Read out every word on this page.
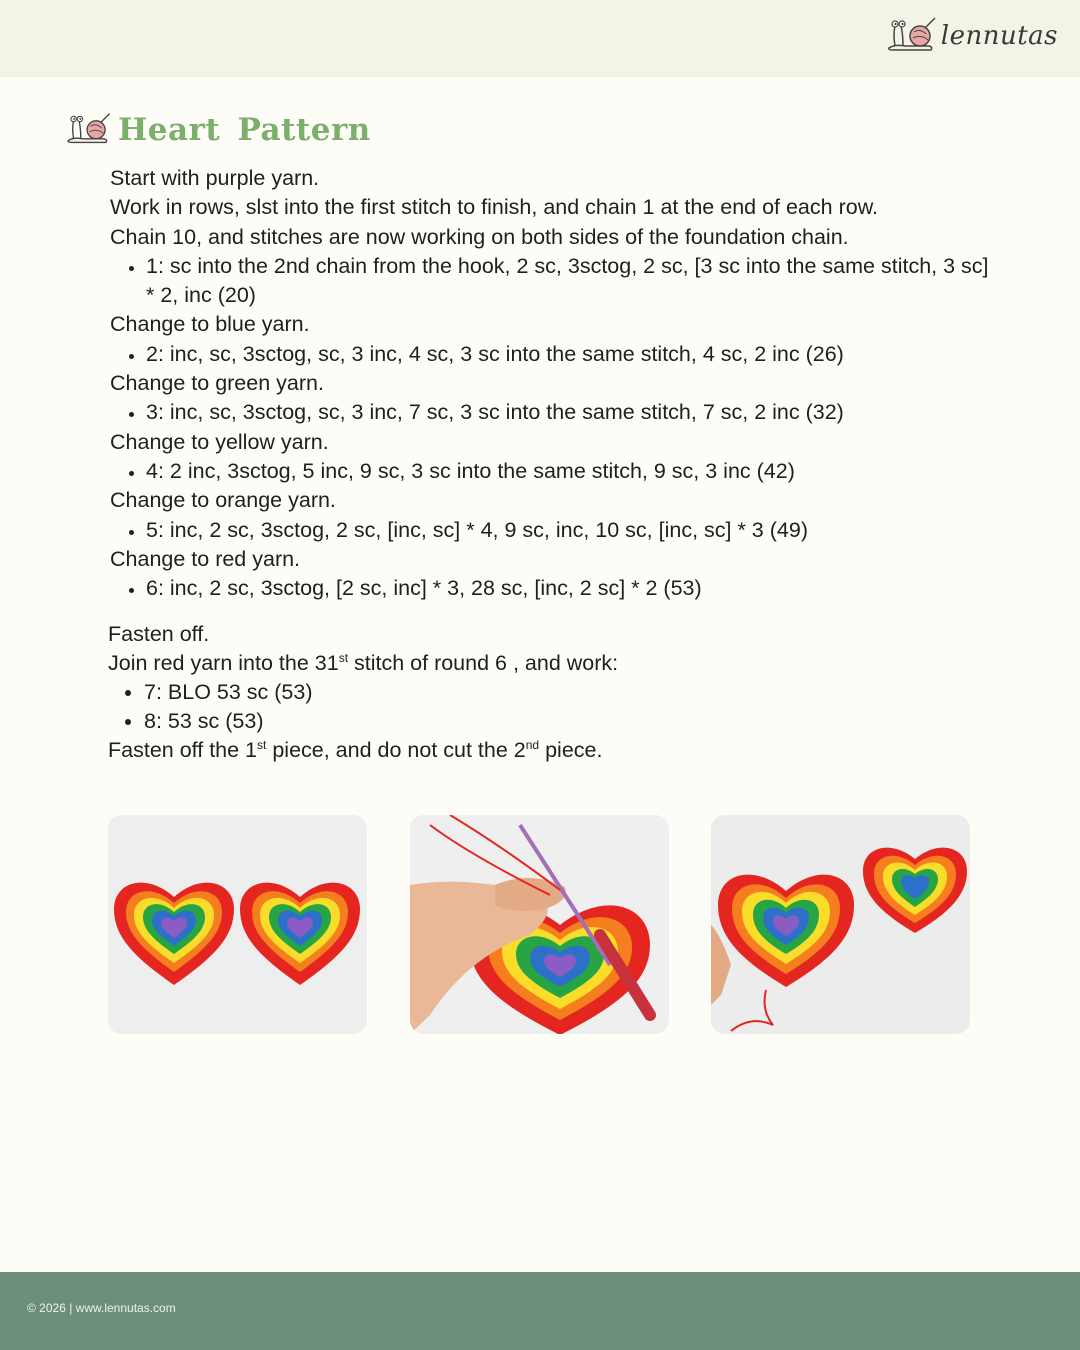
lennutas
Heart Pattern

Start with purple yarn.

Work in rows, slst into the first stitch to finish, and chain 1 at the end of each row.

Chain 10, and stitches are now working on both sides of the foundation chain.

• 1: sc into the 2nd chain from the hook, 2 sc, 3sctog, 2 sc, [3 sc into the same stitch, 3 sc] * 2, inc (20)

Change to blue yarn.

• 2: inc, sc, 3sctog, sc, 3 inc, 4 sc, 3 sc into the same stitch, 4 sc, 2 inc (26)

Change to green yarn.

• 3: inc, sc, 3sctog, sc, 3 inc, 7 sc, 3 sc into the same stitch, 7 sc, 2 inc (32)

Change to yellow yarn.

• 4: 2 inc, 3sctog, 5 inc, 9 sc, 3 sc into the same stitch, 9 sc, 3 inc (42)

Change to orange yarn.

• 5: inc, 2 sc, 3sctog, 2 sc, [inc, sc] * 4, 9 sc, inc, 10 sc, [inc, sc] * 3 (49)

Change to red yarn.

• 6: inc, 2 sc, 3sctog, [2 sc, inc] * 3, 28 sc, [inc, 2 sc] * 2 (53)

Fasten off.

Join red yarn into the 31st stitch of round 6 , and work:

• 7: BLO 53 sc (53)
• 8: 53 sc (53)

Fasten off the 1st piece, and do not cut the 2nd piece.

© 2026 | www.lennutas.com
